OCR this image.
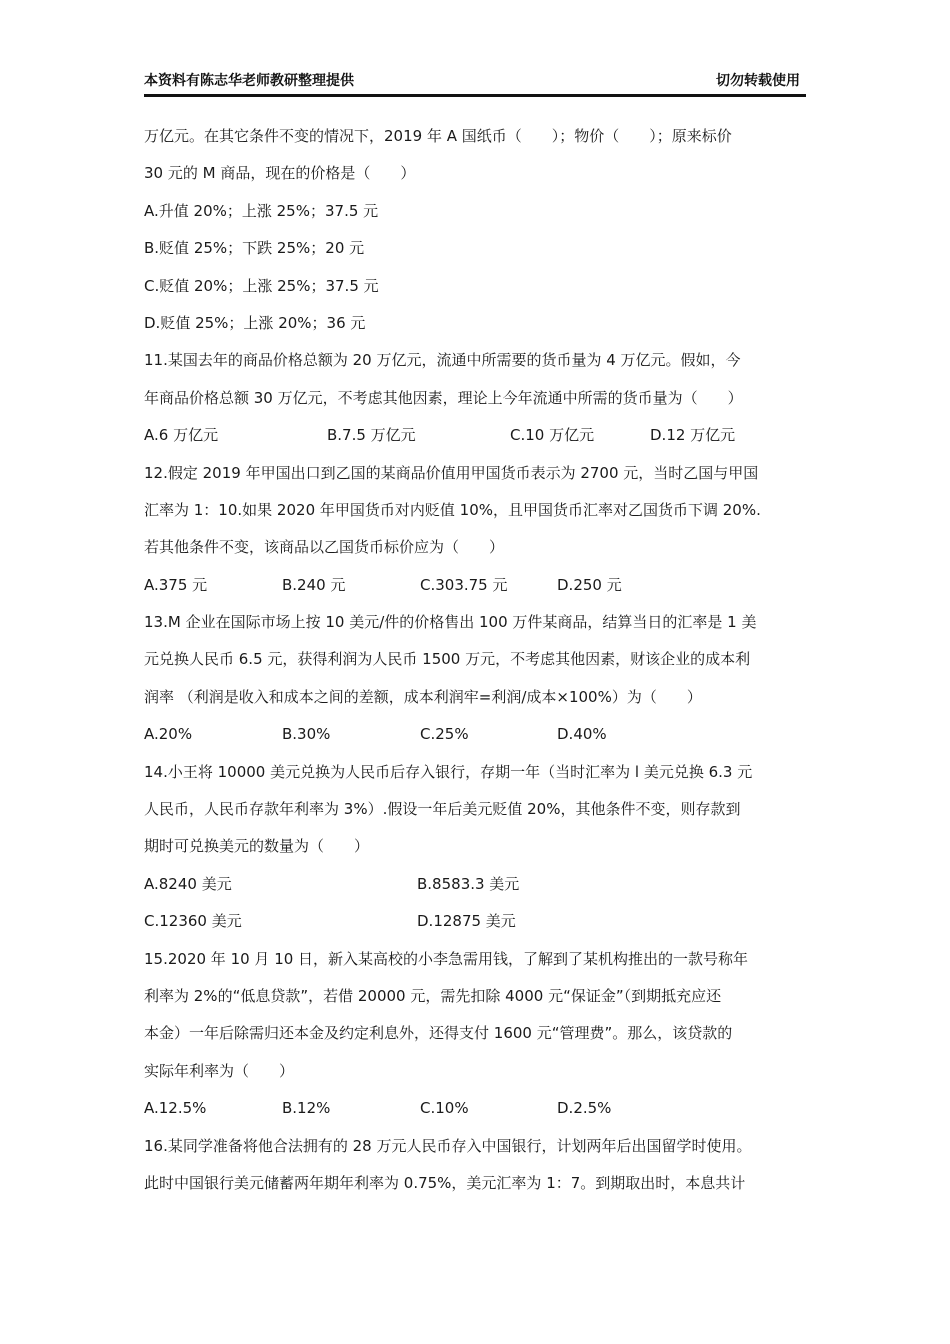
本资料有陈志华老师教研整理提供	切勿转载使用
万亿元。在其它条件不变的情况下，2019 年 A 国纸币（　　）；物价（　　）；原来标价
30 元的 M 商品，现在的价格是（　　）
A.升值 20%；上涨 25%；37.5 元
B.贬值 25%；下跌 25%；20 元
C.贬值 20%；上涨 25%；37.5 元
D.贬值 25%；上涨 20%；36 元
11.某国去年的商品价格总额为 20 万亿元，流通中所需要的货币量为 4 万亿元。假如，今
年商品价格总额 30 万亿元，不考虑其他因素，理论上今年流通中所需的货币量为（　　）
A.6 万亿元	B.7.5 万亿元	C.10 万亿元	D.12 万亿元
12.假定 2019 年甲国出口到乙国的某商品价值用甲国货币表示为 2700 元，当时乙国与甲国
汇率为 1：10.如果 2020 年甲国货币对内贬值 10%，且甲国货币汇率对乙国货币下调 20%.
若其他条件不变，该商品以乙国货币标价应为（　　）
A.375 元	B.240 元	C.303.75 元	D.250 元
13.M 企业在国际市场上按 10 美元/件的价格售出 100 万件某商品，结算当日的汇率是 1 美
元兑换人民币 6.5 元，获得利润为人民币 1500 万元，不考虑其他因素，财该企业的成本利
润率 （利润是收入和成本之间的差额，成本利润牢=利润/成本×100%）为（　　）
A.20%	B.30%	C.25%	D.40%
14.小王将 10000 美元兑换为人民币后存入银行，存期一年（当时汇率为 l 美元兑换 6.3 元
人民币，人民币存款年利率为 3%）.假设一年后美元贬值 20%，其他条件不变，则存款到
期时可兑换美元的数量为（　　）
A.8240 美元	B.8583.3 美元
C.12360 美元	D.12875 美元
15.2020 年 10 月 10 日，新入某高校的小李急需用钱，了解到了某机构推出的一款号称年
利率为 2%的“低息贷款”，若借 20000 元，需先扣除 4000 元“保证金”（到期抵充应还
本金）一年后除需归还本金及约定利息外，还得支付 1600 元“管理费”。那么，该贷款的
实际年利率为（　　）
A.12.5%	B.12%	C.10%	D.2.5%
16.某同学准备将他合法拥有的 28 万元人民币存入中国银行，计划两年后出国留学时使用。
此时中国银行美元储蓄两年期年利率为 0.75%，美元汇率为 1：7。到期取出时，本息共计
